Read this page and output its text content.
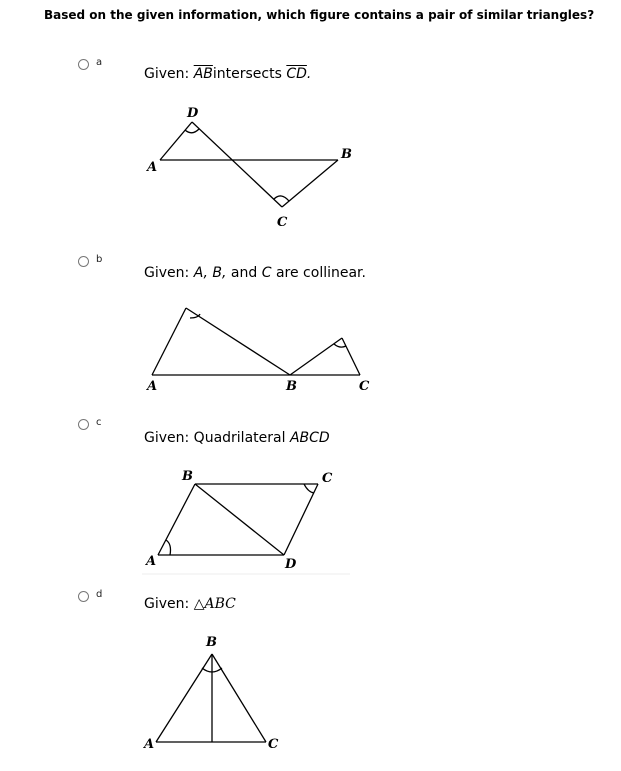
Based on the given information, which figure contains a pair of similar triangles?
a
Given: $\overline{AB}intersects$ $\overline{CD}$.
A
B
D
C
b
Given: A, B, and C are collinear.
A	B	C
c
Given: Quadrilateral ABCD
B	C
A	D
d
Given: △ABC
B
A	C
